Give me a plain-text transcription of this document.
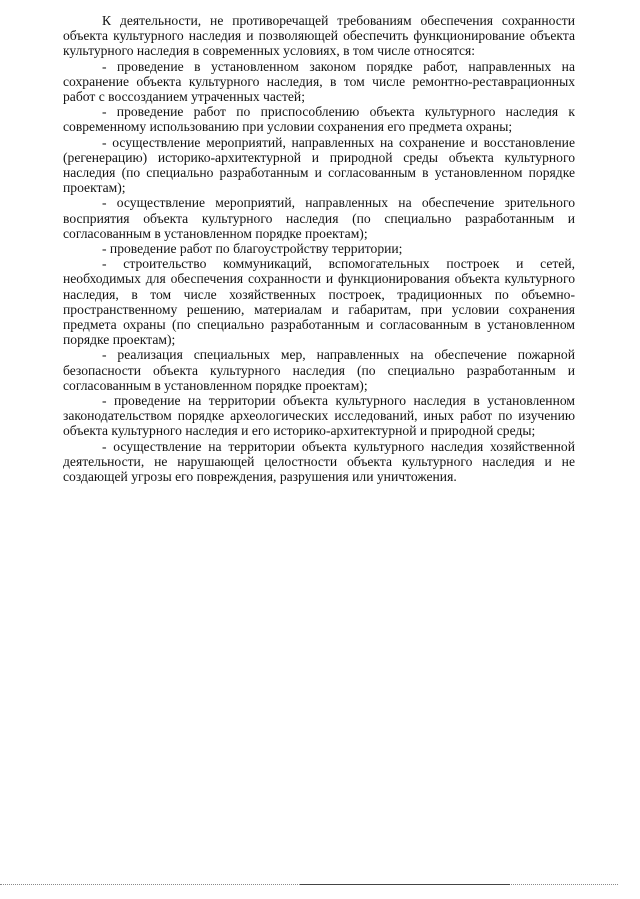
К деятельности, не противоречащей требованиям обеспечения сохранности объекта культурного наследия и позволяющей обеспечить функционирование объекта культурного наследия в современных условиях, в том числе относятся:

- проведение в установленном законом порядке работ, направленных на сохранение объекта культурного наследия, в том числе ремонтно-реставрационных работ с воссозданием утраченных частей;

- проведение работ по приспособлению объекта культурного наследия к современному использованию при условии сохранения его предмета охраны;

- осуществление мероприятий, направленных на сохранение и восстановление (регенерацию) историко-архитектурной и природной среды объекта культурного наследия (по специально разработанным и согласованным в установленном порядке проектам);

- осуществление мероприятий, направленных на обеспечение зрительного восприятия объекта культурного наследия (по специально разработанным и согласованным в установленном порядке проектам);

- проведение работ по благоустройству территории;

- строительство коммуникаций, вспомогательных построек и сетей, необходимых для обеспечения сохранности и функционирования объекта культурного наследия, в том числе хозяйственных построек, традиционных по объемно-пространственному решению, материалам и габаритам, при условии сохранения предмета охраны (по специально разработанным и согласованным в установленном порядке проектам);

- реализация специальных мер, направленных на обеспечение пожарной безопасности объекта культурного наследия (по специально разработанным и согласованным в установленном порядке проектам);

- проведение на территории объекта культурного наследия в установленном законодательством порядке археологических исследований, иных работ по изучению объекта культурного наследия и его историко-архитектурной и природной среды;

- осуществление на территории объекта культурного наследия хозяйственной деятельности, не нарушающей целостности объекта культурного наследия и не создающей угрозы его повреждения, разрушения или уничтожения.
